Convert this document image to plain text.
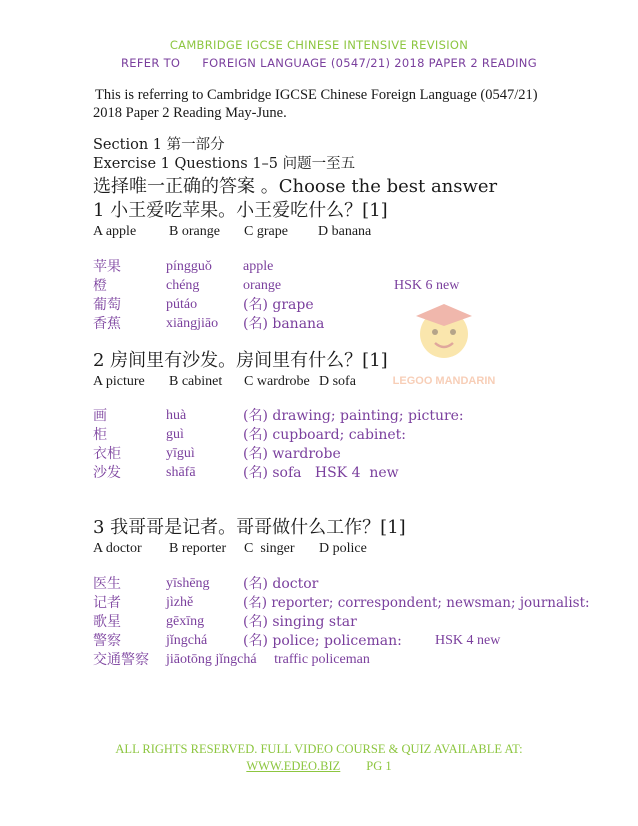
CAMBRIDGE IGCSE CHINESE INTENSIVE REVISION
REFER TO FOREIGN LANGUAGE (0547/21) 2018 PAPER 2 READING
This is referring to Cambridge IGCSE Chinese Foreign Language (0547/21)
2018 Paper 2 Reading May-June.
Section 1 第一部分
Exercise 1 Questions 1–5 问题一至五
选择唯一正确的答案 。Choose the best answer
1 小王爱吃苹果。小王爱吃什么？[1]
A apple B orange C grape D banana
苹果	píngguǒ apple
橙	chéng	orange	HSK 6 new
葡萄	pútáo	(名) grape
香蕉	xiāngjiāo (名) banana
LEGOO MANDARIN
2 房间里有沙发。房间里有什么？[1]
A picture B cabinet C wardrobe D sofa
画	huà	(名) drawing; painting; picture:
柜	guì	(名) cupboard; cabinet:
衣柜	yīguì	(名) wardrobe
沙发	shāfā	(名) sofa   HSK 4  new
3 我哥哥是记者。哥哥做什么工作？[1]
A doctor B reporter C  singer D police
医生	yīshēng (名) doctor
记者	jìzhě	(名) reporter; correspondent; newsman; journalist:
歌星	gēxīng	(名) singing star
警察	jǐngchá	(名) police; policeman: HSK 4 new
交通警察 jiāotōng jǐngchá     traffic policeman
ALL RIGHTS RESERVED. FULL VIDEO COURSE & QUIZ AVAILABLE AT:
WWW.EDEO.BIZ PG 1
